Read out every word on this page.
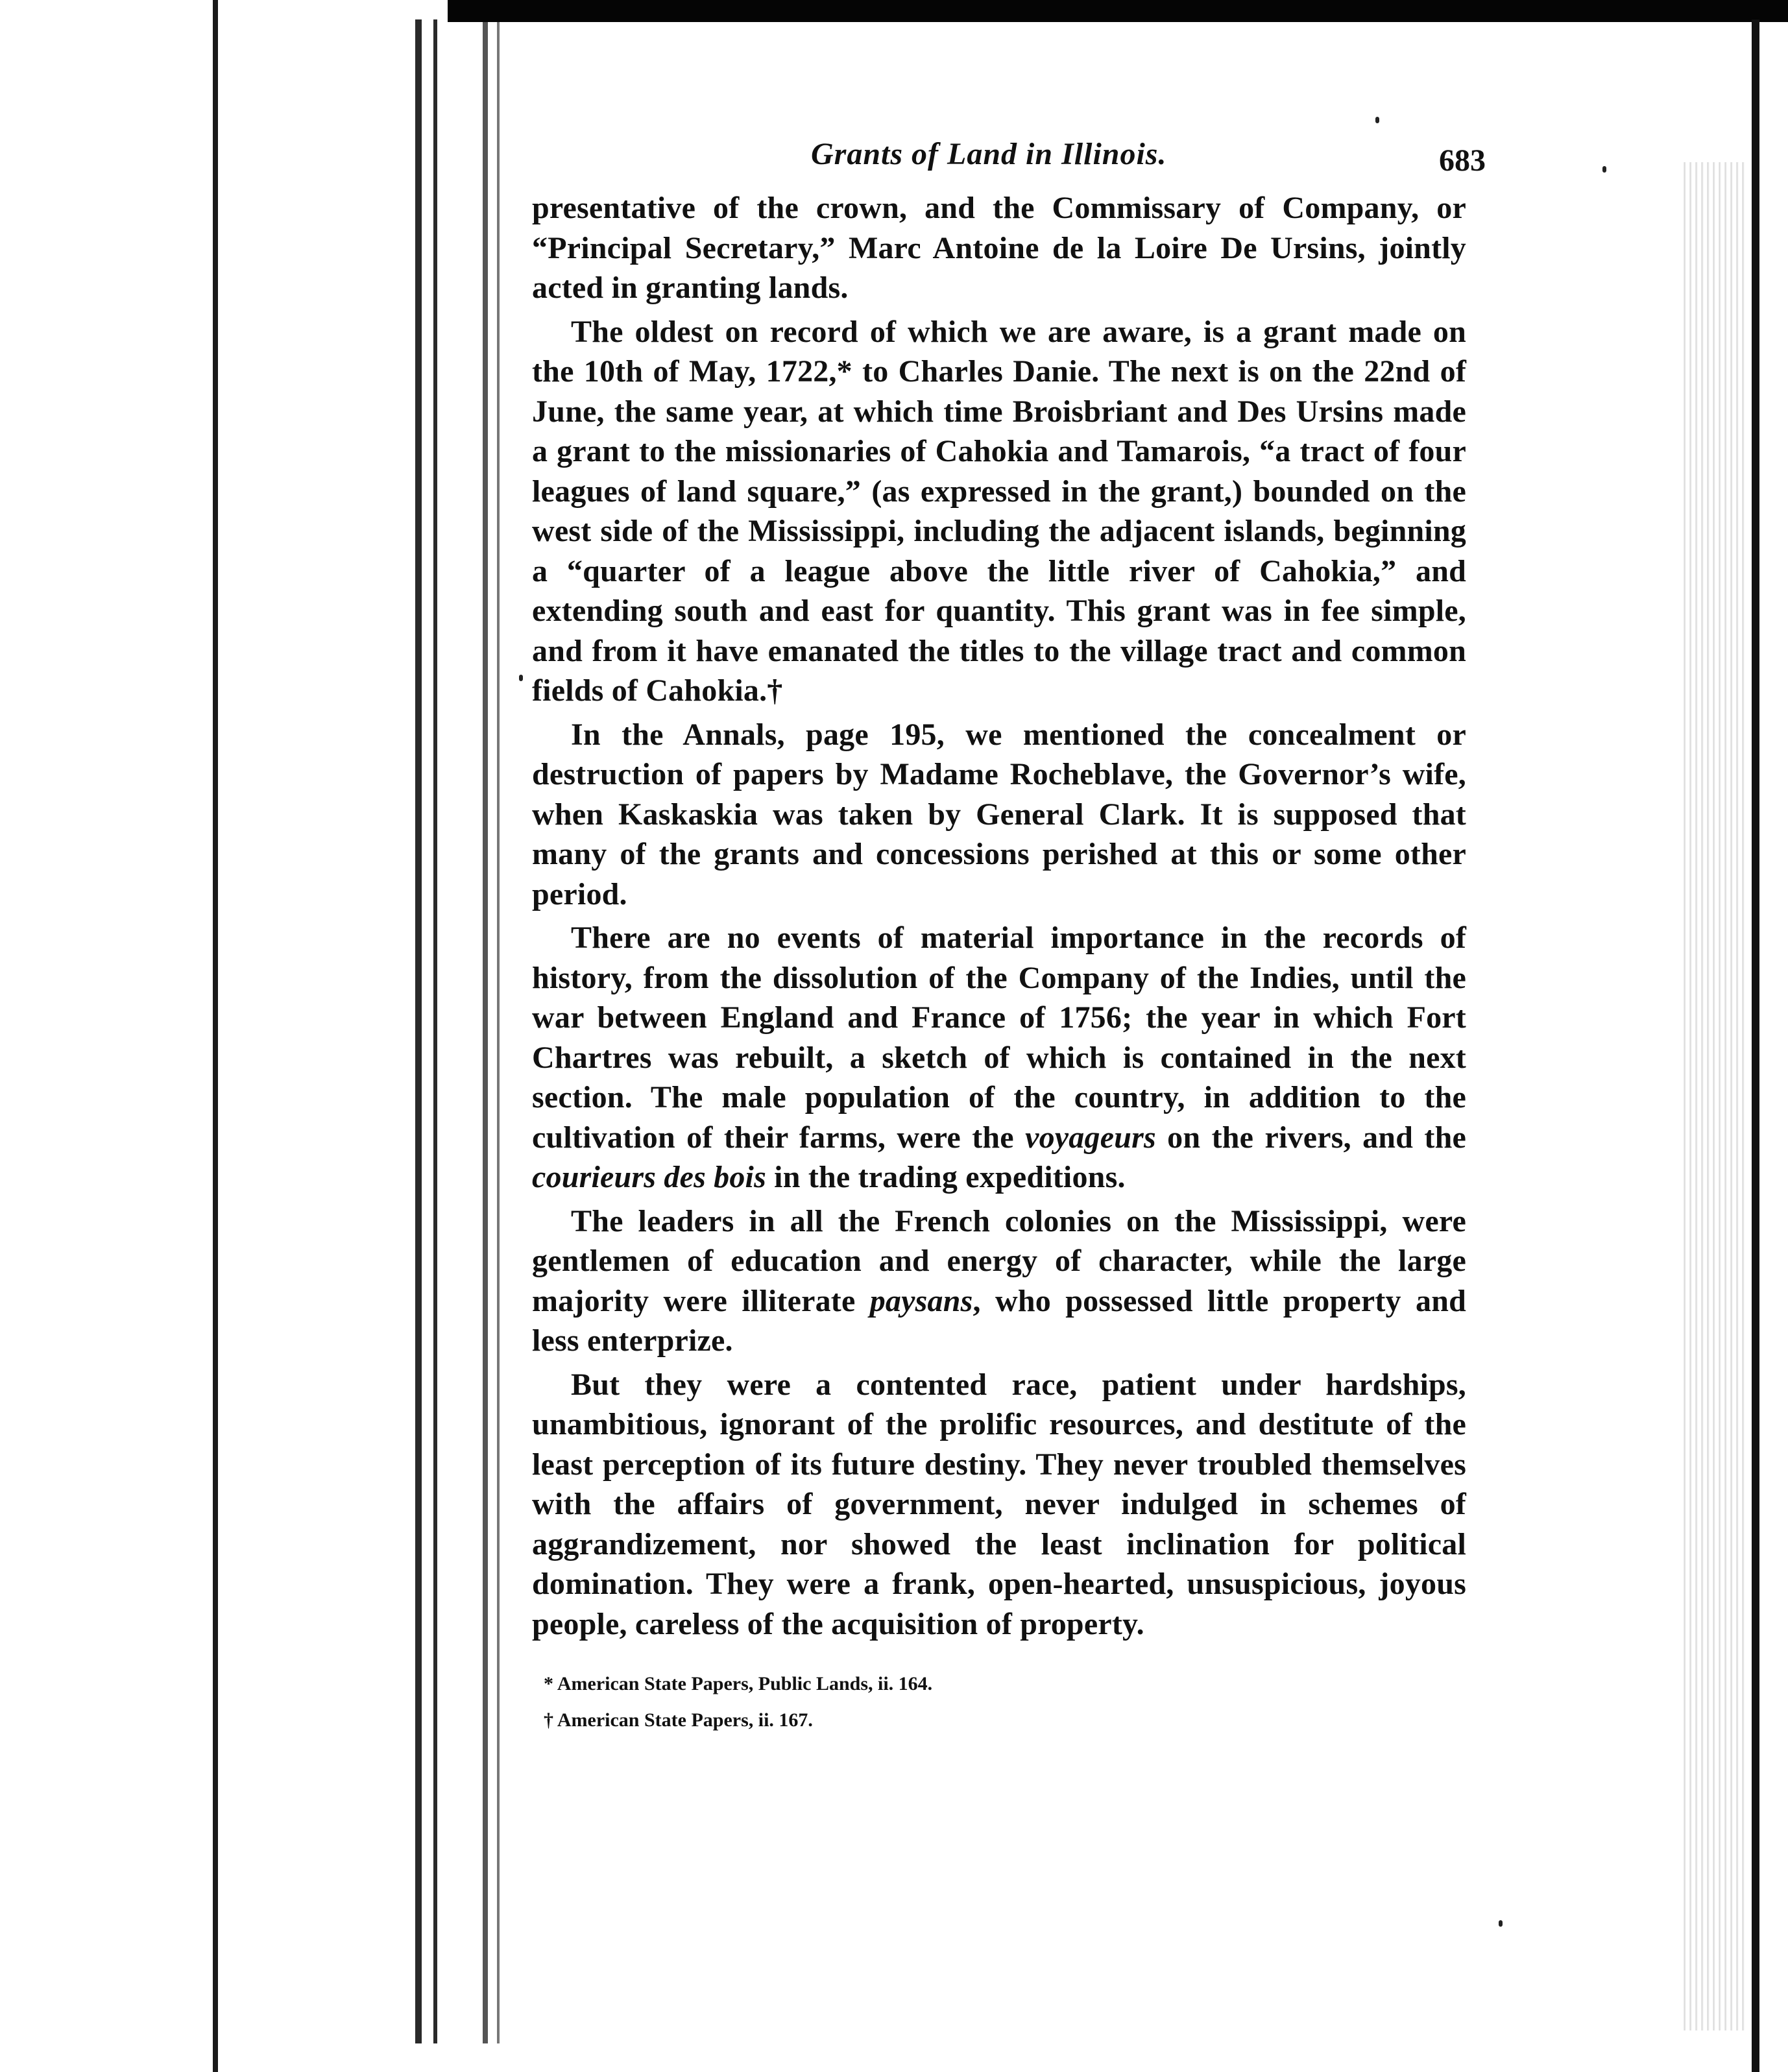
Grants of Land in Illinois.	683

presentative of the crown, and the Commissary of Company, or “Principal Secretary,” Marc Antoine de la Loire De Ursins, jointly acted in granting lands.

The oldest on record of which we are aware, is a grant made on the 10th of May, 1722,* to Charles Danie. The next is on the 22nd of June, the same year, at which time Broisbriant and Des Ursins made a grant to the missionaries of Cahokia and Tamarois, “a tract of four leagues of land square,” (as expressed in the grant,) bounded on the west side of the Mississippi, including the adjacent islands, beginning a “quarter of a league above the little river of Cahokia,” and extending south and east for quantity. This grant was in fee simple, and from it have emanated the titles to the village tract and common fields of Cahokia.†

In the Annals, page 195, we mentioned the concealment or destruction of papers by Madame Rocheblave, the Governor’s wife, when Kaskaskia was taken by General Clark. It is supposed that many of the grants and concessions perished at this or some other period.

There are no events of material importance in the records of history, from the dissolution of the Company of the Indies, until the war between England and France of 1756; the year in which Fort Chartres was rebuilt, a sketch of which is contained in the next section. The male population of the country, in addition to the cultivation of their farms, were the voyageurs on the rivers, and the courieurs des bois in the trading expeditions.

The leaders in all the French colonies on the Mississippi, were gentlemen of education and energy of character, while the large majority were illiterate paysans, who possessed little property and less enterprize.

But they were a contented race, patient under hardships, unambitious, ignorant of the prolific resources, and destitute of the least perception of its future destiny. They never troubled themselves with the affairs of government, never indulged in schemes of aggrandizement, nor showed the least inclination for political domination. They were a frank, open-hearted, unsuspicious, joyous people, careless of the acquisition of property.

* American State Papers, Public Lands, ii. 164.
† American State Papers, ii. 167.
